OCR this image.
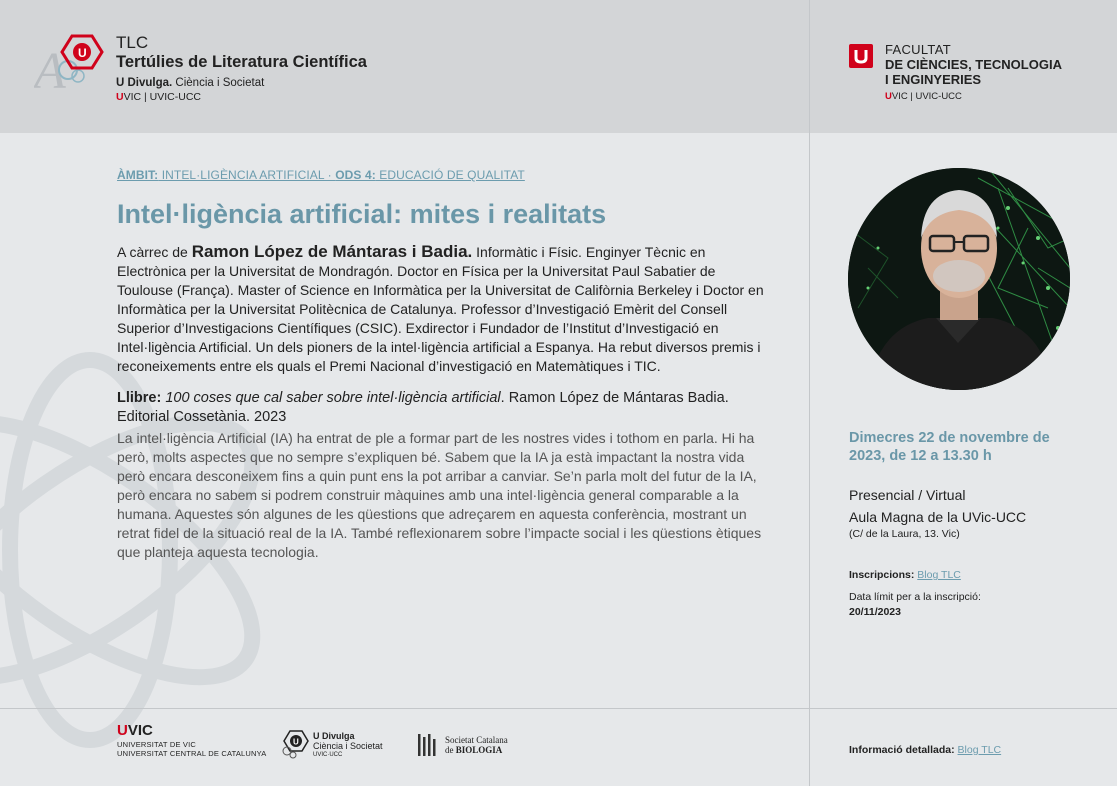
A U
TLC
Tertúlies de Literatura Científica
U Divulga. Ciència i Societat
UVIC | UVIC-UCC
FACULTAT
DE CIÈNCIES, TECNOLOGIA
I ENGINYERIES
UVIC | UVIC-UCC
ÀMBIT: INTEL·LIGÈNCIA ARTIFICIAL · ODS 4: EDUCACIÓ DE QUALITAT
Intel·ligència artificial: mites i realitats

A càrrec de Ramon López de Mántaras i Badia. Informàtic i Físic. Enginyer Tècnic en Electrònica per la Universitat de Mondragón. Doctor en Física per la Universitat Paul Sabatier de Toulouse (França). Master of Science en Informàtica per la Universitat de Califòrnia Berkeley i Doctor en Informàtica per la Universitat Politècnica de Catalunya. Professor d’Investigació Emèrit del Consell Superior d’Investigacions Científiques (CSIC). Exdirector i Fundador de l’Institut d’Investigació en Intel·ligència Artificial. Un dels pioners de la intel·ligència artificial a Espanya. Ha rebut diversos premis i reconeixements entre els quals el Premi Nacional d’investigació en Matemàtiques i TIC.

Llibre: 100 coses que cal saber sobre intel·ligència artificial. Ramon López de Mántaras Badia. Editorial Cossetània. 2023

La intel·ligència Artificial (IA) ha entrat de ple a formar part de les nostres vides i tothom en parla. Hi ha però, molts aspectes que no sempre s’expliquen bé. Sabem que la IA ja està impactant la nostra vida però encara desconeixem fins a quin punt ens la pot arribar a canviar. Se’n parla molt del futur de la IA, però encara no sabem si podrem construir màquines amb una intel·ligència general comparable a la humana. Aquestes són algunes de les qüestions que adreçarem en aquesta conferència, mostrant un retrat fidel de la situació real de la IA. També reflexionarem sobre l’impacte social i les qüestions ètiques que planteja aquesta tecnologia.

Dimecres 22 de novembre de 2023, de 12 a 13.30 h
Presencial / Virtual
Aula Magna de la UVic-UCC
(C/ de la Laura, 13. Vic)
Inscripcions: Blog TLC
Data límit per a la inscripció:
20/11/2023
UVIC
UNIVERSITAT DE VIC
UNIVERSITAT CENTRAL DE CATALUNYA
U
U Divulga
Ciència i Societat
UVIC·UCC
Societat Catalana
de BIOLOGIA	Informació detallada: Blog TLC
